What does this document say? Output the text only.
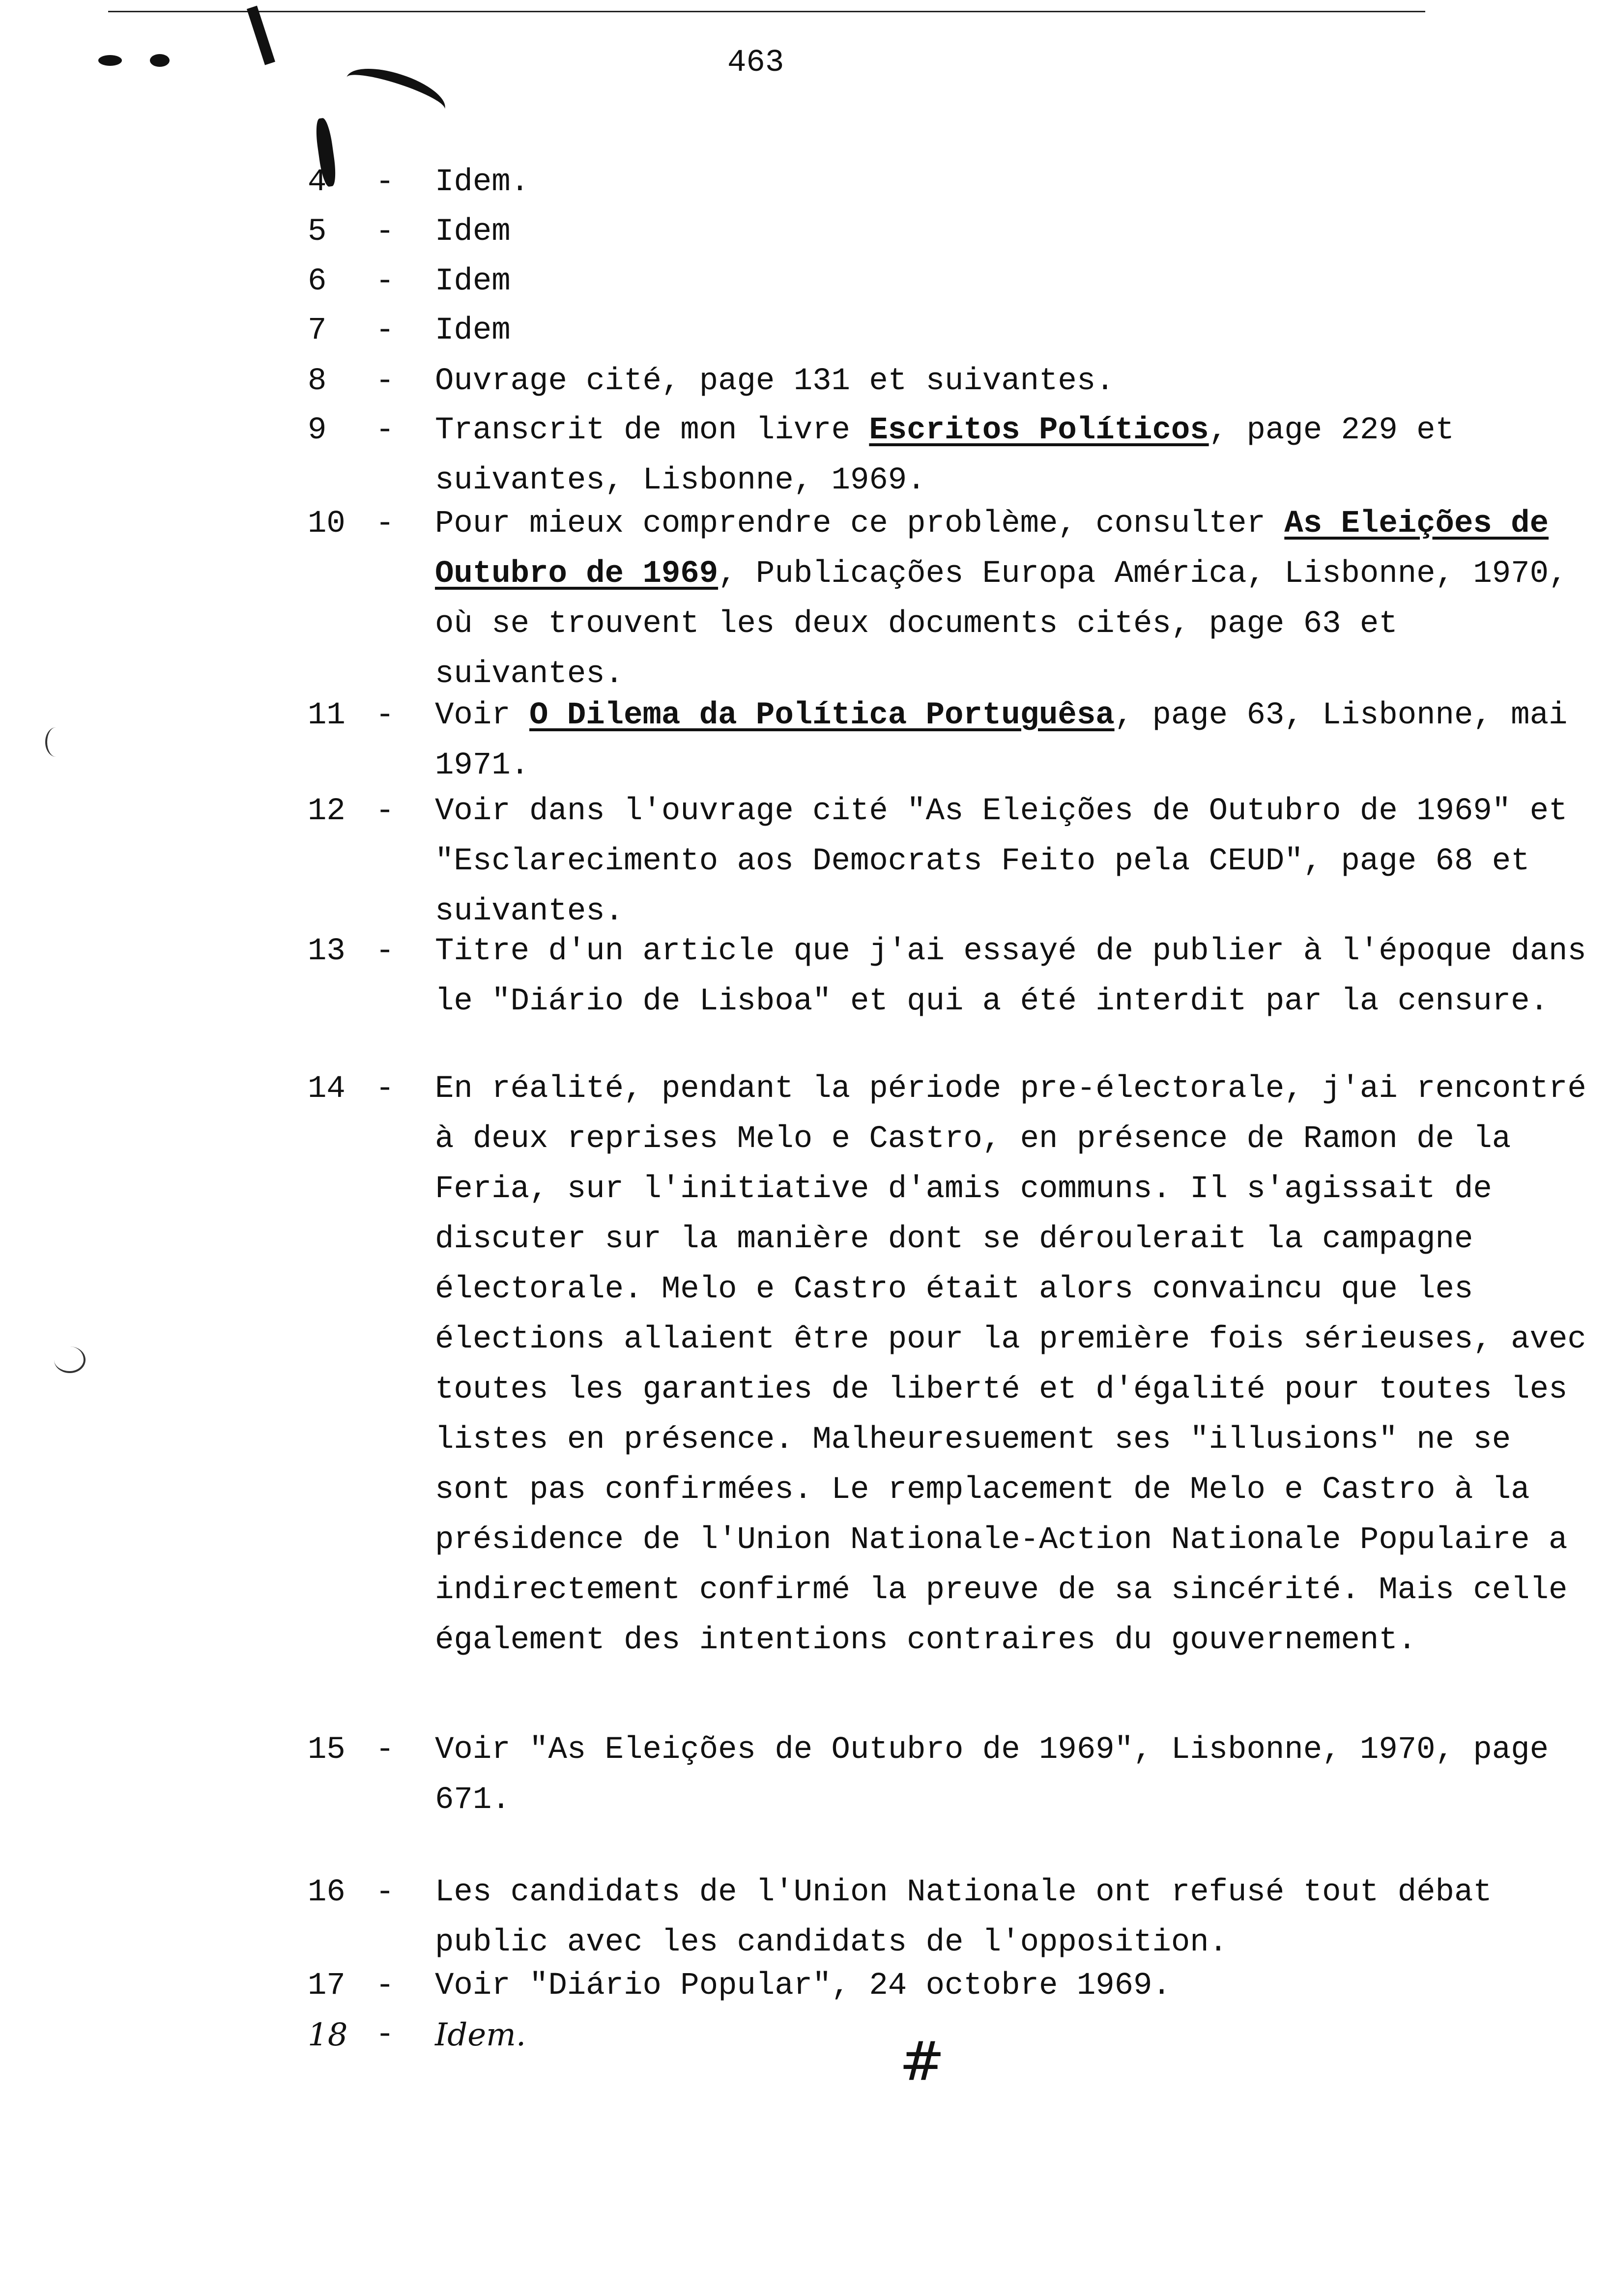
463
4	- Idem.
5	- Idem
6	- Idem
7	- Idem
8	- Ouvrage cité, page 131 et suivantes.
9	- Transcrit de mon livre Escritos Políticos, page 229 et suivantes, Lisbonne, 1969.
10 - Pour mieux comprendre ce problème, consulter As Eleições de Outubro de 1969, Publicações Europa América, Lisbonne, 1970, où se trouvent les deux documents cités, page 63 et suivantes.
11 - Voir O Dilema da Política Portuguêsa, page 63, Lisbonne, mai 1971.
12 - Voir dans l'ouvrage cité "As Eleições de Outubro de 1969" et "Esclarecimento aos Democrats Feito pela CEUD", page 68 et suivantes.
13 - Titre d'un article que j'ai essayé de publier à l'époque dans le "Diário de Lisboa" et qui a été interdit par la censure.
14 - En réalité, pendant la période pre-électorale, j'ai rencontré à deux reprises Melo e Castro, en présence de Ramon de la Feria, sur l'initiative d'amis communs. Il s'agissait de discuter sur la manière dont se déroulerait la campagne électorale. Melo e Castro était alors convaincu que les élections allaient être pour la première fois sérieuses, avec toutes les garanties de liberté et d'égalité pour toutes les listes en présence. Malheuresuement ses "illusions" ne se sont pas confirmées. Le remplacement de Melo e Castro à la présidence de l'Union Nationale-Action Nationale Populaire a indirectement confirmé la preuve de sa sincérité. Mais celle également des intentions contraires du gouvernement.
15 - Voir "As Eleições de Outubro de 1969", Lisbonne, 1970, page 671.
16 - Les candidats de l'Union Nationale ont refusé tout débat public avec les candidats de l'opposition.
17 - Voir "Diário Popular", 24 octobre 1969.
18 - Idem.	#
